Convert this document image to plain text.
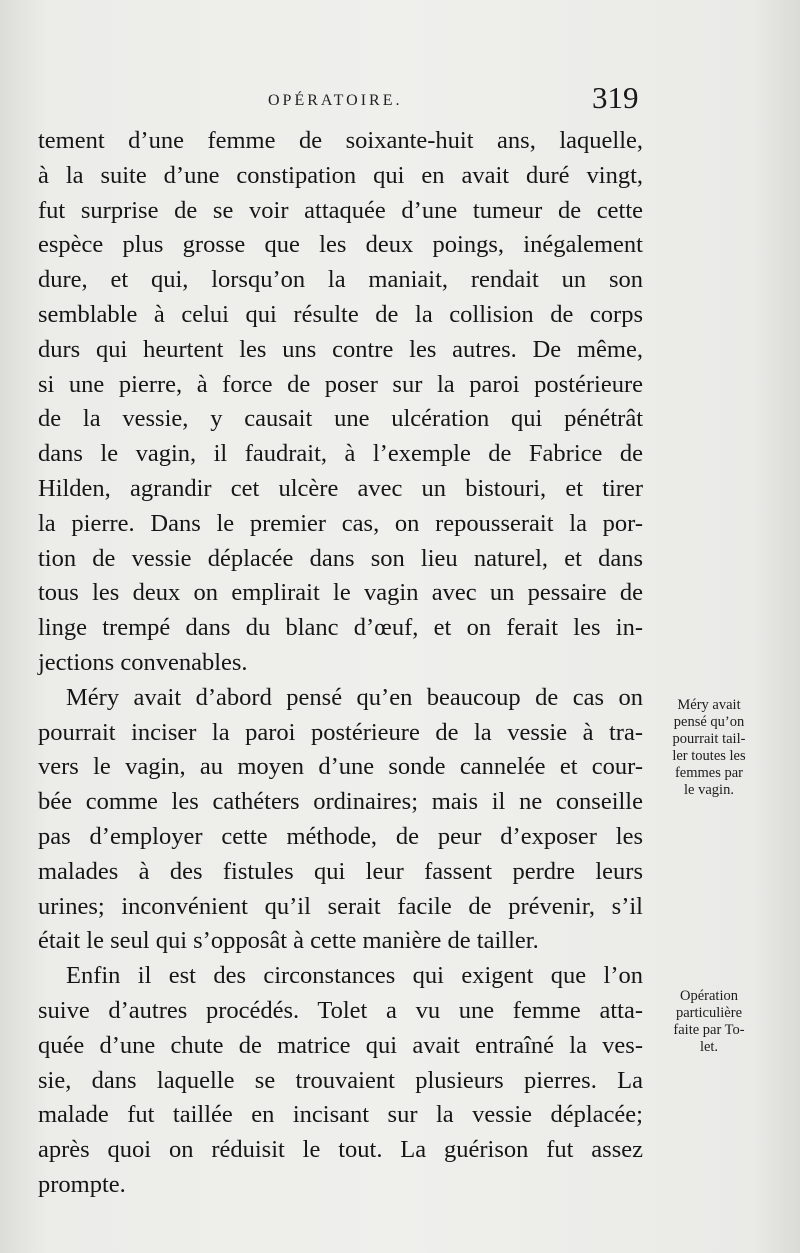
OPÉRATOIRE.	319
tement d’une femme de soixante-huit ans, laquelle,
à la suite d’une constipation qui en avait duré vingt,
fut surprise de se voir attaquée d’une tumeur de cette
espèce plus grosse que les deux poings, inégalement
dure, et qui, lorsqu’on la maniait, rendait un son
semblable à celui qui résulte de la collision de corps
durs qui heurtent les uns contre les autres. De même,
si une pierre, à force de poser sur la paroi postérieure
de la vessie, y causait une ulcération qui pénétrât
dans le vagin, il faudrait, à l’exemple de Fabrice de
Hilden, agrandir cet ulcère avec un bistouri, et tirer
la pierre. Dans le premier cas, on repousserait la por-
tion de vessie déplacée dans son lieu naturel, et dans
tous les deux on emplirait le vagin avec un pessaire de
linge trempé dans du blanc d’œuf, et on ferait les in-
jections convenables.
Méry avait d’abord pensé qu’en beaucoup de cas on
pourrait inciser la paroi postérieure de la vessie à tra-
vers le vagin, au moyen d’une sonde cannelée et cour-
bée comme les cathéters ordinaires; mais il ne conseille
pas d’employer cette méthode, de peur d’exposer les
malades à des fistules qui leur fassent perdre leurs
urines; inconvénient qu’il serait facile de prévenir, s’il
était le seul qui s’opposât à cette manière de tailler.
Enfin il est des circonstances qui exigent que l’on
suive d’autres procédés. Tolet a vu une femme atta-
quée d’une chute de matrice qui avait entraîné la ves-
sie, dans laquelle se trouvaient plusieurs pierres. La
malade fut taillée en incisant sur la vessie déplacée;
après quoi on réduisit le tout. La guérison fut assez
prompte.
Méry avait
pensé qu’on
pourrait tail-
ler toutes les
femmes par
le vagin.
Opération
particulière
faite par To-
let.
